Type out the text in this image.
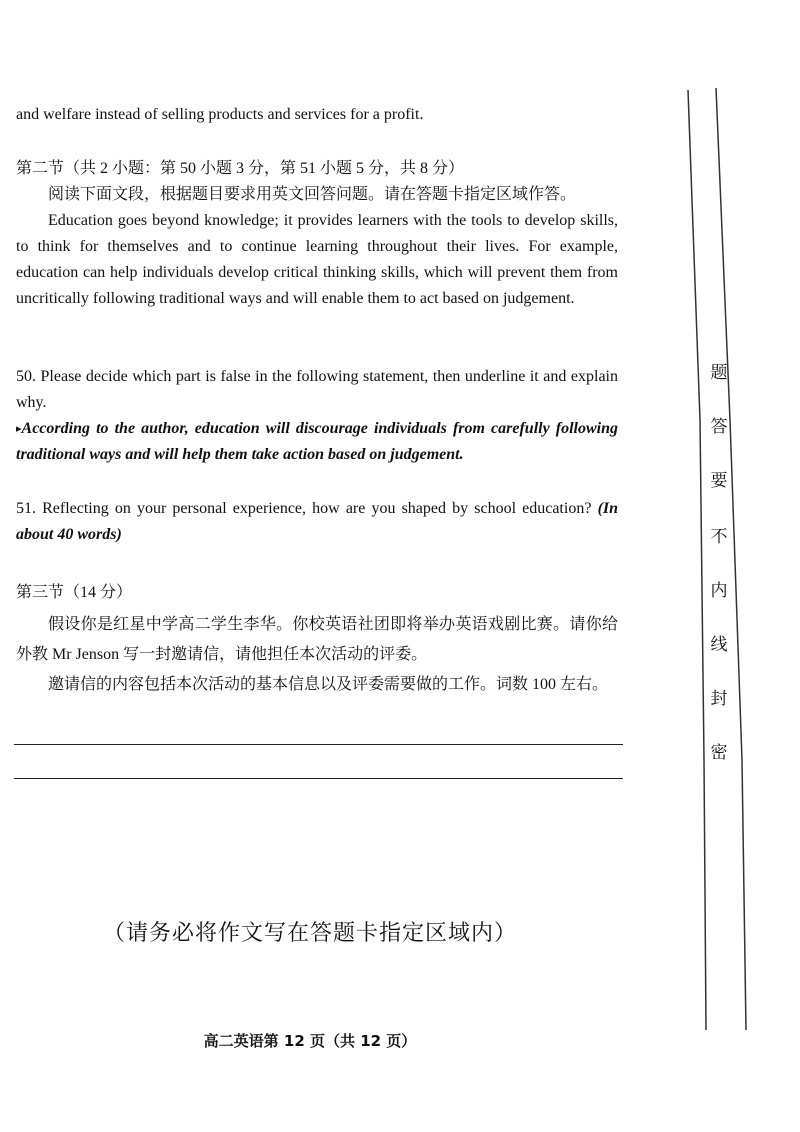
and welfare instead of selling products and services for a profit.

第二节（共 2 小题：第 50 小题 3 分，第 51 小题 5 分，共 8 分）

阅读下面文段，根据题目要求用英文回答问题。请在答题卡指定区域作答。

Education goes beyond knowledge; it provides learners with the tools to develop skills, to think for themselves and to continue learning throughout their lives. For example, education can help individuals develop critical thinking skills, which will prevent them from uncritically following traditional ways and will enable them to act based on judgement.

50. Please decide which part is false in the following statement, then underline it and explain why.

▸According to the author, education will discourage individuals from carefully following traditional ways and will help them take action based on judgement.

51. Reflecting on your personal experience, how are you shaped by school education? (In about 40 words)

第三节（14 分）

假设你是红星中学高二学生李华。你校英语社团即将举办英语戏剧比赛。请你给外教 Mr Jenson 写一封邀请信，请他担任本次活动的评委。

邀请信的内容包括本次活动的基本信息以及评委需要做的工作。词数 100 左右。

（请务必将作文写在答题卡指定区域内）
高二英语第 12 页（共 12 页）
题
答
要
不
内
线
封
密
